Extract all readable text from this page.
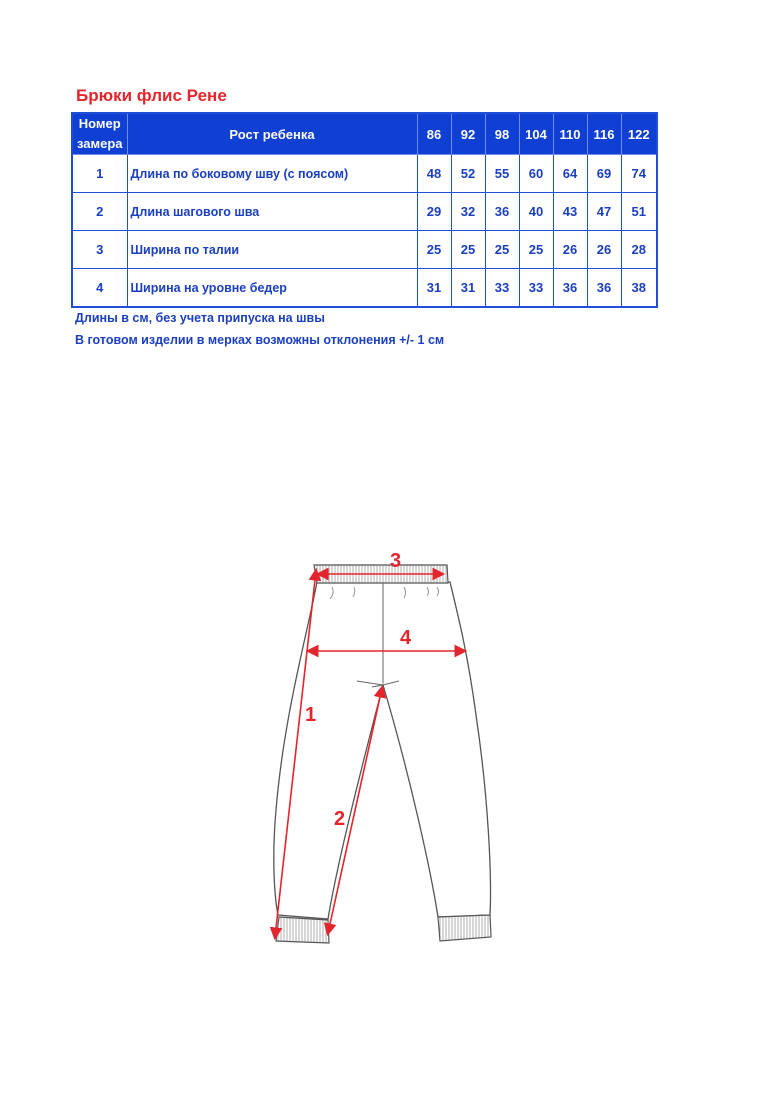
Брюки флис Рене
Номер
замера	Рост ребенка	86	92	98	104	110	116	122
1	Длина по боковому шву (с поясом)	48	52	55	60	64	69	74
2	Длина шагового шва	29	32	36	40	43	47	51
3	Ширина по талии	25	25	25	25	26	26	28
4	Ширина на уровне бедер	31	31	33	33	36	36	38
Длины в см, без учета припуска на швы
В готовом изделии в мерках возможны отклонения +/- 1 см
3
4
1
2
